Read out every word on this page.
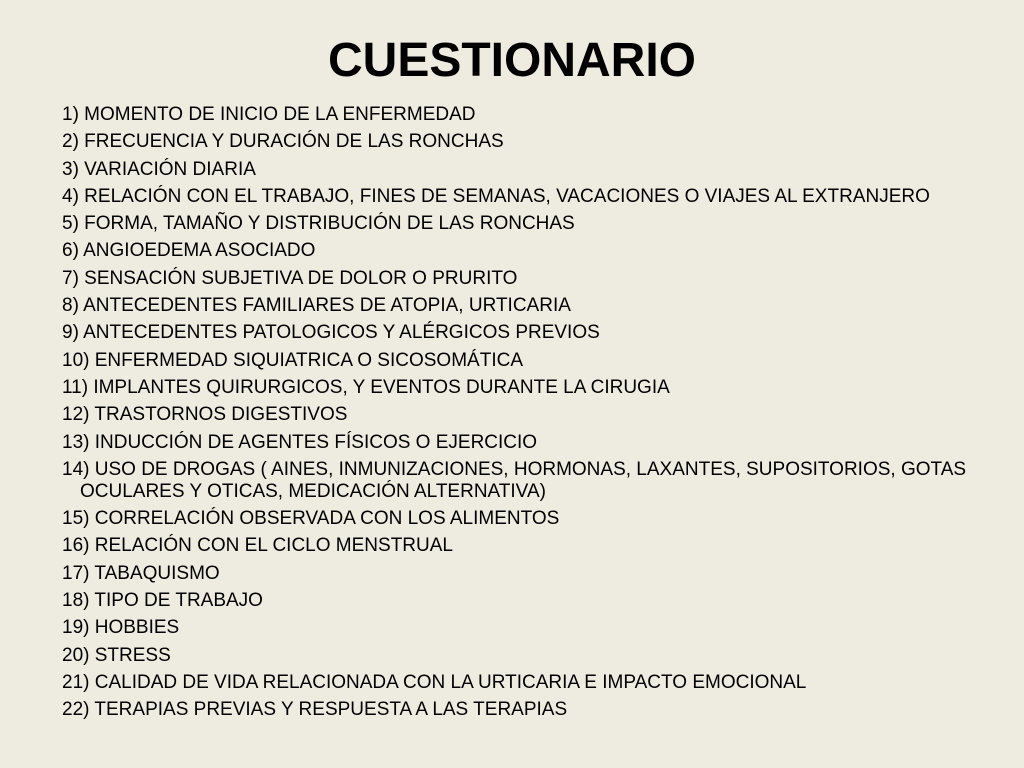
CUESTIONARIO
1) MOMENTO DE INICIO DE LA ENFERMEDAD
2) FRECUENCIA Y DURACIÓN DE LAS RONCHAS
3) VARIACIÓN DIARIA
4) RELACIÓN CON EL TRABAJO, FINES DE SEMANAS, VACACIONES O VIAJES AL EXTRANJERO
5) FORMA, TAMAÑO Y DISTRIBUCIÓN DE LAS RONCHAS
6) ANGIOEDEMA ASOCIADO
7) SENSACIÓN SUBJETIVA DE DOLOR O PRURITO
8) ANTECEDENTES FAMILIARES DE ATOPIA, URTICARIA
9) ANTECEDENTES PATOLOGICOS Y ALÉRGICOS PREVIOS
10) ENFERMEDAD SIQUIATRICA O SICOSOMÁTICA
11) IMPLANTES QUIRURGICOS, Y EVENTOS DURANTE LA CIRUGIA
12) TRASTORNOS DIGESTIVOS
13) INDUCCIÓN DE AGENTES FÍSICOS O EJERCICIO
14) USO DE DROGAS ( AINES, INMUNIZACIONES, HORMONAS, LAXANTES, SUPOSITORIOS, GOTAS OCULARES Y OTICAS, MEDICACIÓN ALTERNATIVA)
15) CORRELACIÓN OBSERVADA CON LOS ALIMENTOS
16) RELACIÓN CON EL CICLO MENSTRUAL
17) TABAQUISMO
18) TIPO DE TRABAJO
19) HOBBIES
20) STRESS
21) CALIDAD DE VIDA RELACIONADA CON LA URTICARIA E IMPACTO EMOCIONAL
22) TERAPIAS PREVIAS Y RESPUESTA A LAS TERAPIAS
